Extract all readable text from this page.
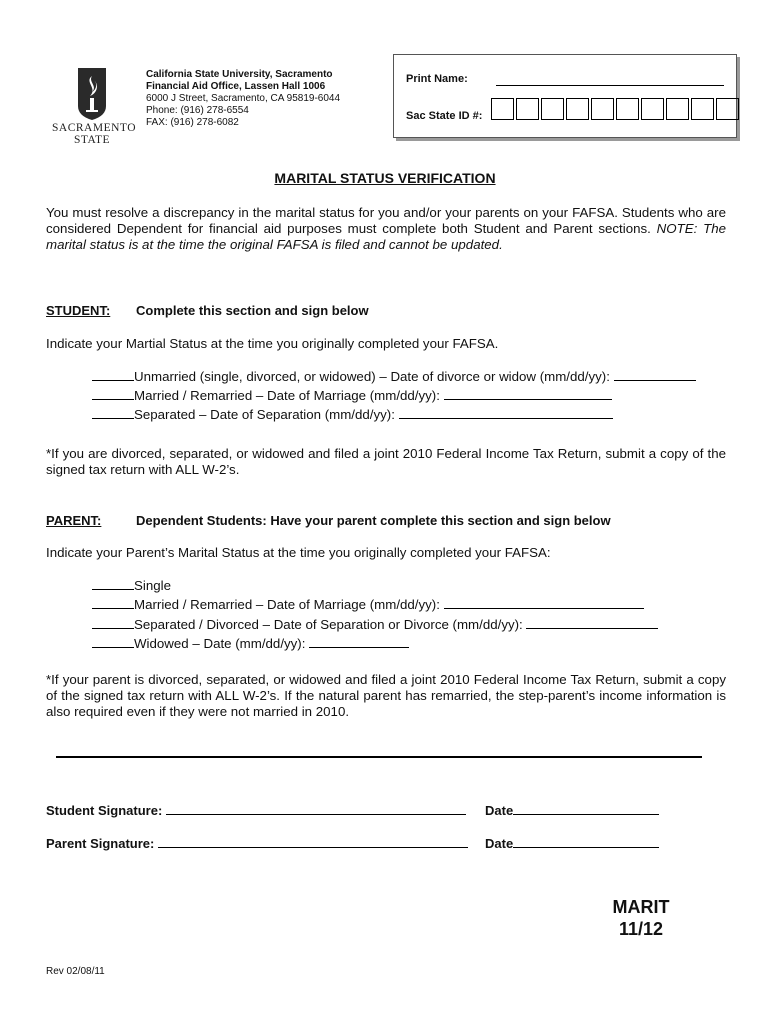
SACRAMENTO
STATE
California State University, Sacramento
Financial Aid Office, Lassen Hall 1006
6000 J Street, Sacramento, CA 95819-6044
Phone: (916) 278-6554
FAX: (916) 278-6082
Print Name:
Sac State ID #:
MARITAL STATUS VERIFICATION
You must resolve a discrepancy in the marital status for you and/or your parents on your FAFSA. Students who are considered Dependent for financial aid purposes must complete both Student and Parent sections. NOTE: The marital status is at the time the original FAFSA is filed and cannot be updated.
STUDENT: Complete this section and sign below
Indicate your Martial Status at the time you originally completed your FAFSA.
Unmarried (single, divorced, or widowed) – Date of divorce or widow (mm/dd/yy):
Married / Remarried – Date of Marriage (mm/dd/yy):
Separated – Date of Separation (mm/dd/yy):
*If you are divorced, separated, or widowed and filed a joint 2010 Federal Income Tax Return, submit a copy of the signed tax return with ALL W-2’s.
PARENT:	Dependent Students: Have your parent complete this section and sign below
Indicate your Parent’s Marital Status at the time you originally completed your FAFSA:
Single
Married / Remarried – Date of Marriage (mm/dd/yy):
Separated / Divorced – Date of Separation or Divorce (mm/dd/yy):
Widowed – Date (mm/dd/yy):
*If your parent is divorced, separated, or widowed and filed a joint 2010 Federal Income Tax Return, submit a copy of the signed tax return with ALL W-2’s. If the natural parent has remarried, the step-parent’s income information is also required even if they were not married in 2010.
Student Signature:	Date
Parent Signature:	Date
MARIT
11/12
Rev 02/08/11
